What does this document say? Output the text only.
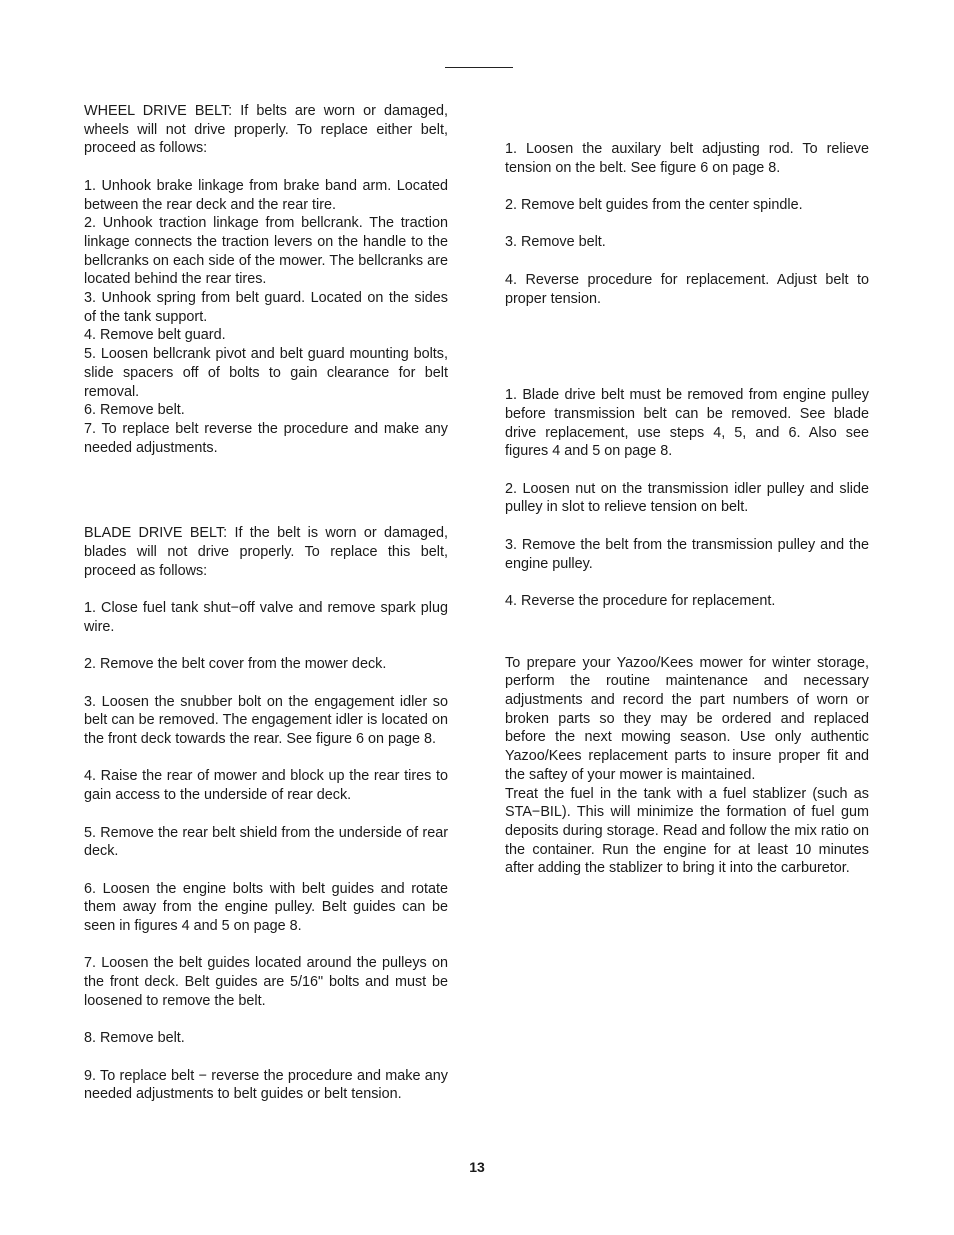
WHEEL DRIVE BELT: If belts are worn or damaged, wheels will not drive properly. To replace either belt, proceed as follows:

1. Unhook brake linkage from brake band arm. Located between the rear deck and the rear tire.

2. Unhook traction linkage from bellcrank. The traction linkage connects the traction levers on the handle to the bellcranks on each side of the mower. The bellcranks are located behind the rear tires.

3. Unhook spring from belt guard. Located on the sides of the tank support.

4. Remove belt guard.

5. Loosen bellcrank pivot and belt guard mounting bolts, slide spacers off of bolts to gain clearance for belt removal.

6. Remove belt.

7. To replace belt reverse the procedure and make any needed adjustments.

BLADE DRIVE BELT: If the belt is worn or damaged, blades will not drive properly. To replace this belt, proceed as follows:

1. Close fuel tank shut−off valve and remove spark plug wire.

2. Remove the belt cover from the mower deck.

3. Loosen the snubber bolt on the engagement idler so belt can be removed. The engagement idler is located on the front deck towards the rear. See figure 6 on page 8.

4. Raise the rear of mower and block up the rear tires to gain access to the underside of rear deck.

5. Remove the rear belt shield from the underside of rear deck.

6. Loosen the engine bolts with belt guides and rotate them away from the engine pulley. Belt guides can be seen in figures 4 and 5 on page 8.

7. Loosen the belt guides located around the pulleys on the front deck. Belt guides are 5/16" bolts and must be loosened to remove the belt.

8. Remove belt.

9. To replace belt − reverse the procedure and make any needed adjustments to belt guides or belt tension.

1. Loosen the auxilary belt adjusting rod. To relieve tension on the belt. See figure 6 on page 8.

2. Remove belt guides from the center spindle.

3. Remove belt.

4. Reverse procedure for replacement. Adjust belt to proper tension.

1. Blade drive belt must be removed from engine pulley before transmission belt can be removed. See blade drive replacement, use steps 4, 5, and 6. Also see figures 4 and 5 on page 8.

2. Loosen nut on the transmission idler pulley and slide pulley in slot to relieve tension on belt.

3. Remove the belt from the transmission pulley and the engine pulley.

4. Reverse the procedure for replacement.

To prepare your Yazoo/Kees mower for winter storage, perform the routine maintenance and necessary adjustments and record the part numbers of worn or broken parts so they may be ordered and replaced before the next mowing season. Use only authentic Yazoo/Kees replacement parts to insure proper fit and the saftey of your mower is maintained.

Treat the fuel in the tank with a fuel stablizer (such as STA−BIL). This will minimize the formation of fuel gum deposits during storage. Read and follow the mix ratio on the container. Run the engine for at least 10 minutes after adding the stablizer to bring it into the carburetor.

13
